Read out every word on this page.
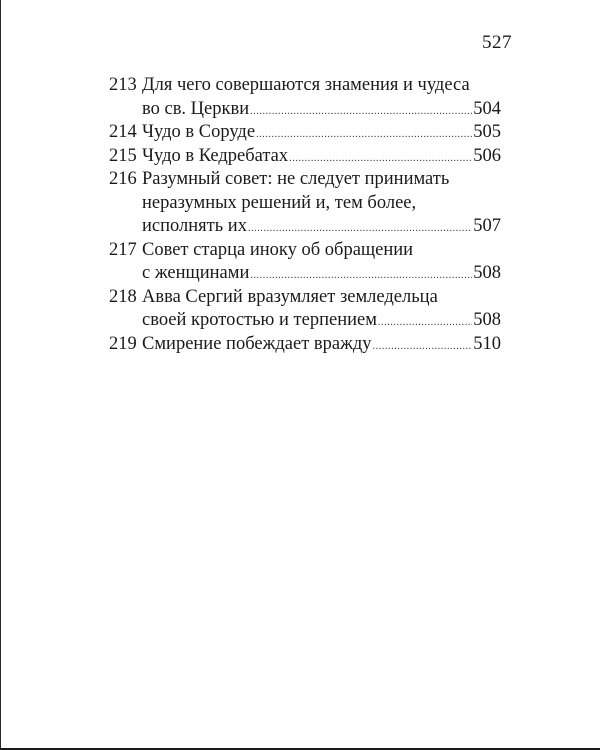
527
213 Для чего совершаются знамения и чудеса
во св. Церкви .....	504
214 Чудо в Соруде .....	505
215 Чудо в Кедребатах .....	506
216 Разумный совет: не следует принимать
неразумных решений и, тем более,
исполнять их .....	507
217 Совет старца иноку об обращении
с женщинами .....	508
218 Авва Сергий вразумляет земледельца
своей кротостью и терпением .....	508
219 Смирение побеждает вражду .....	510
